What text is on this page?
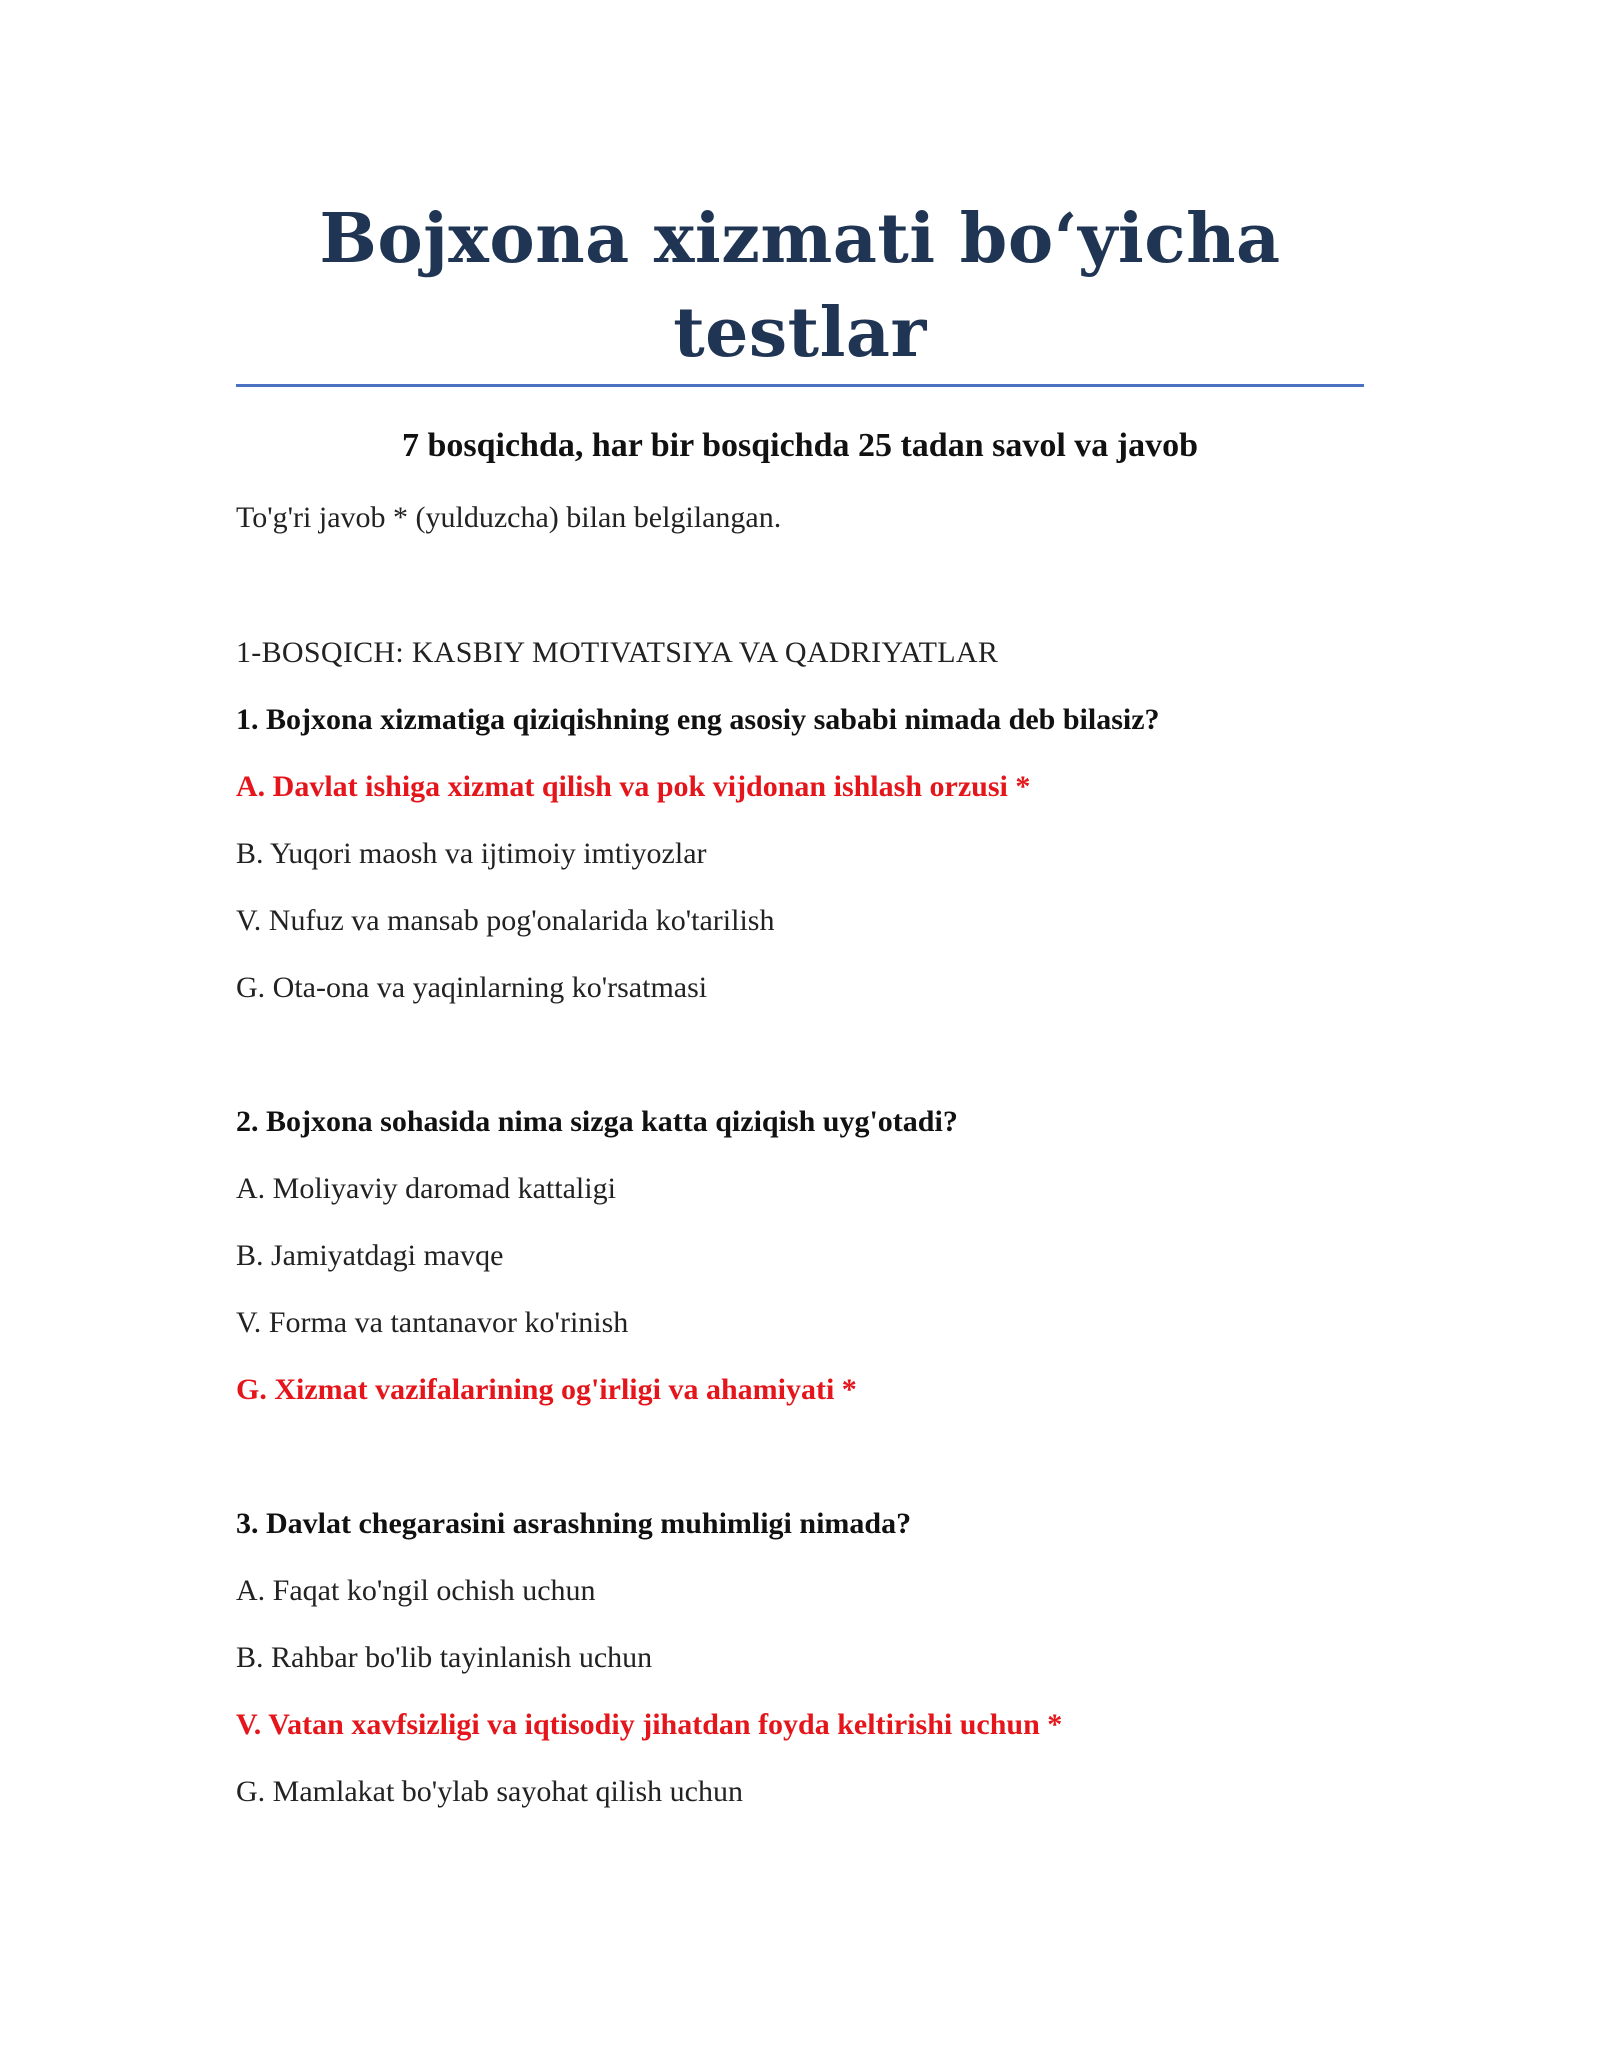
Bojxona xizmati bo‘yicha testlar
7 bosqichda, har bir bosqichda 25 tadan savol va javob

To'g'ri javob * (yulduzcha) bilan belgilangan.

1-BOSQICH: KASBIY MOTIVATSIYA VA QADRIYATLAR

1. Bojxona xizmatiga qiziqishning eng asosiy sababi nimada deb bilasiz?

A. Davlat ishiga xizmat qilish va pok vijdonan ishlash orzusi *

B. Yuqori maosh va ijtimoiy imtiyozlar

V. Nufuz va mansab pog'onalarida ko'tarilish

G. Ota-ona va yaqinlarning ko'rsatmasi

2. Bojxona sohasida nima sizga katta qiziqish uyg'otadi?

A. Moliyaviy daromad kattaligi

B. Jamiyatdagi mavqe

V. Forma va tantanavor ko'rinish

G. Xizmat vazifalarining og'irligi va ahamiyati *

3. Davlat chegarasini asrashning muhimligi nimada?

A. Faqat ko'ngil ochish uchun

B. Rahbar bo'lib tayinlanish uchun

V. Vatan xavfsizligi va iqtisodiy jihatdan foyda keltirishi uchun *

G. Mamlakat bo'ylab sayohat qilish uchun
